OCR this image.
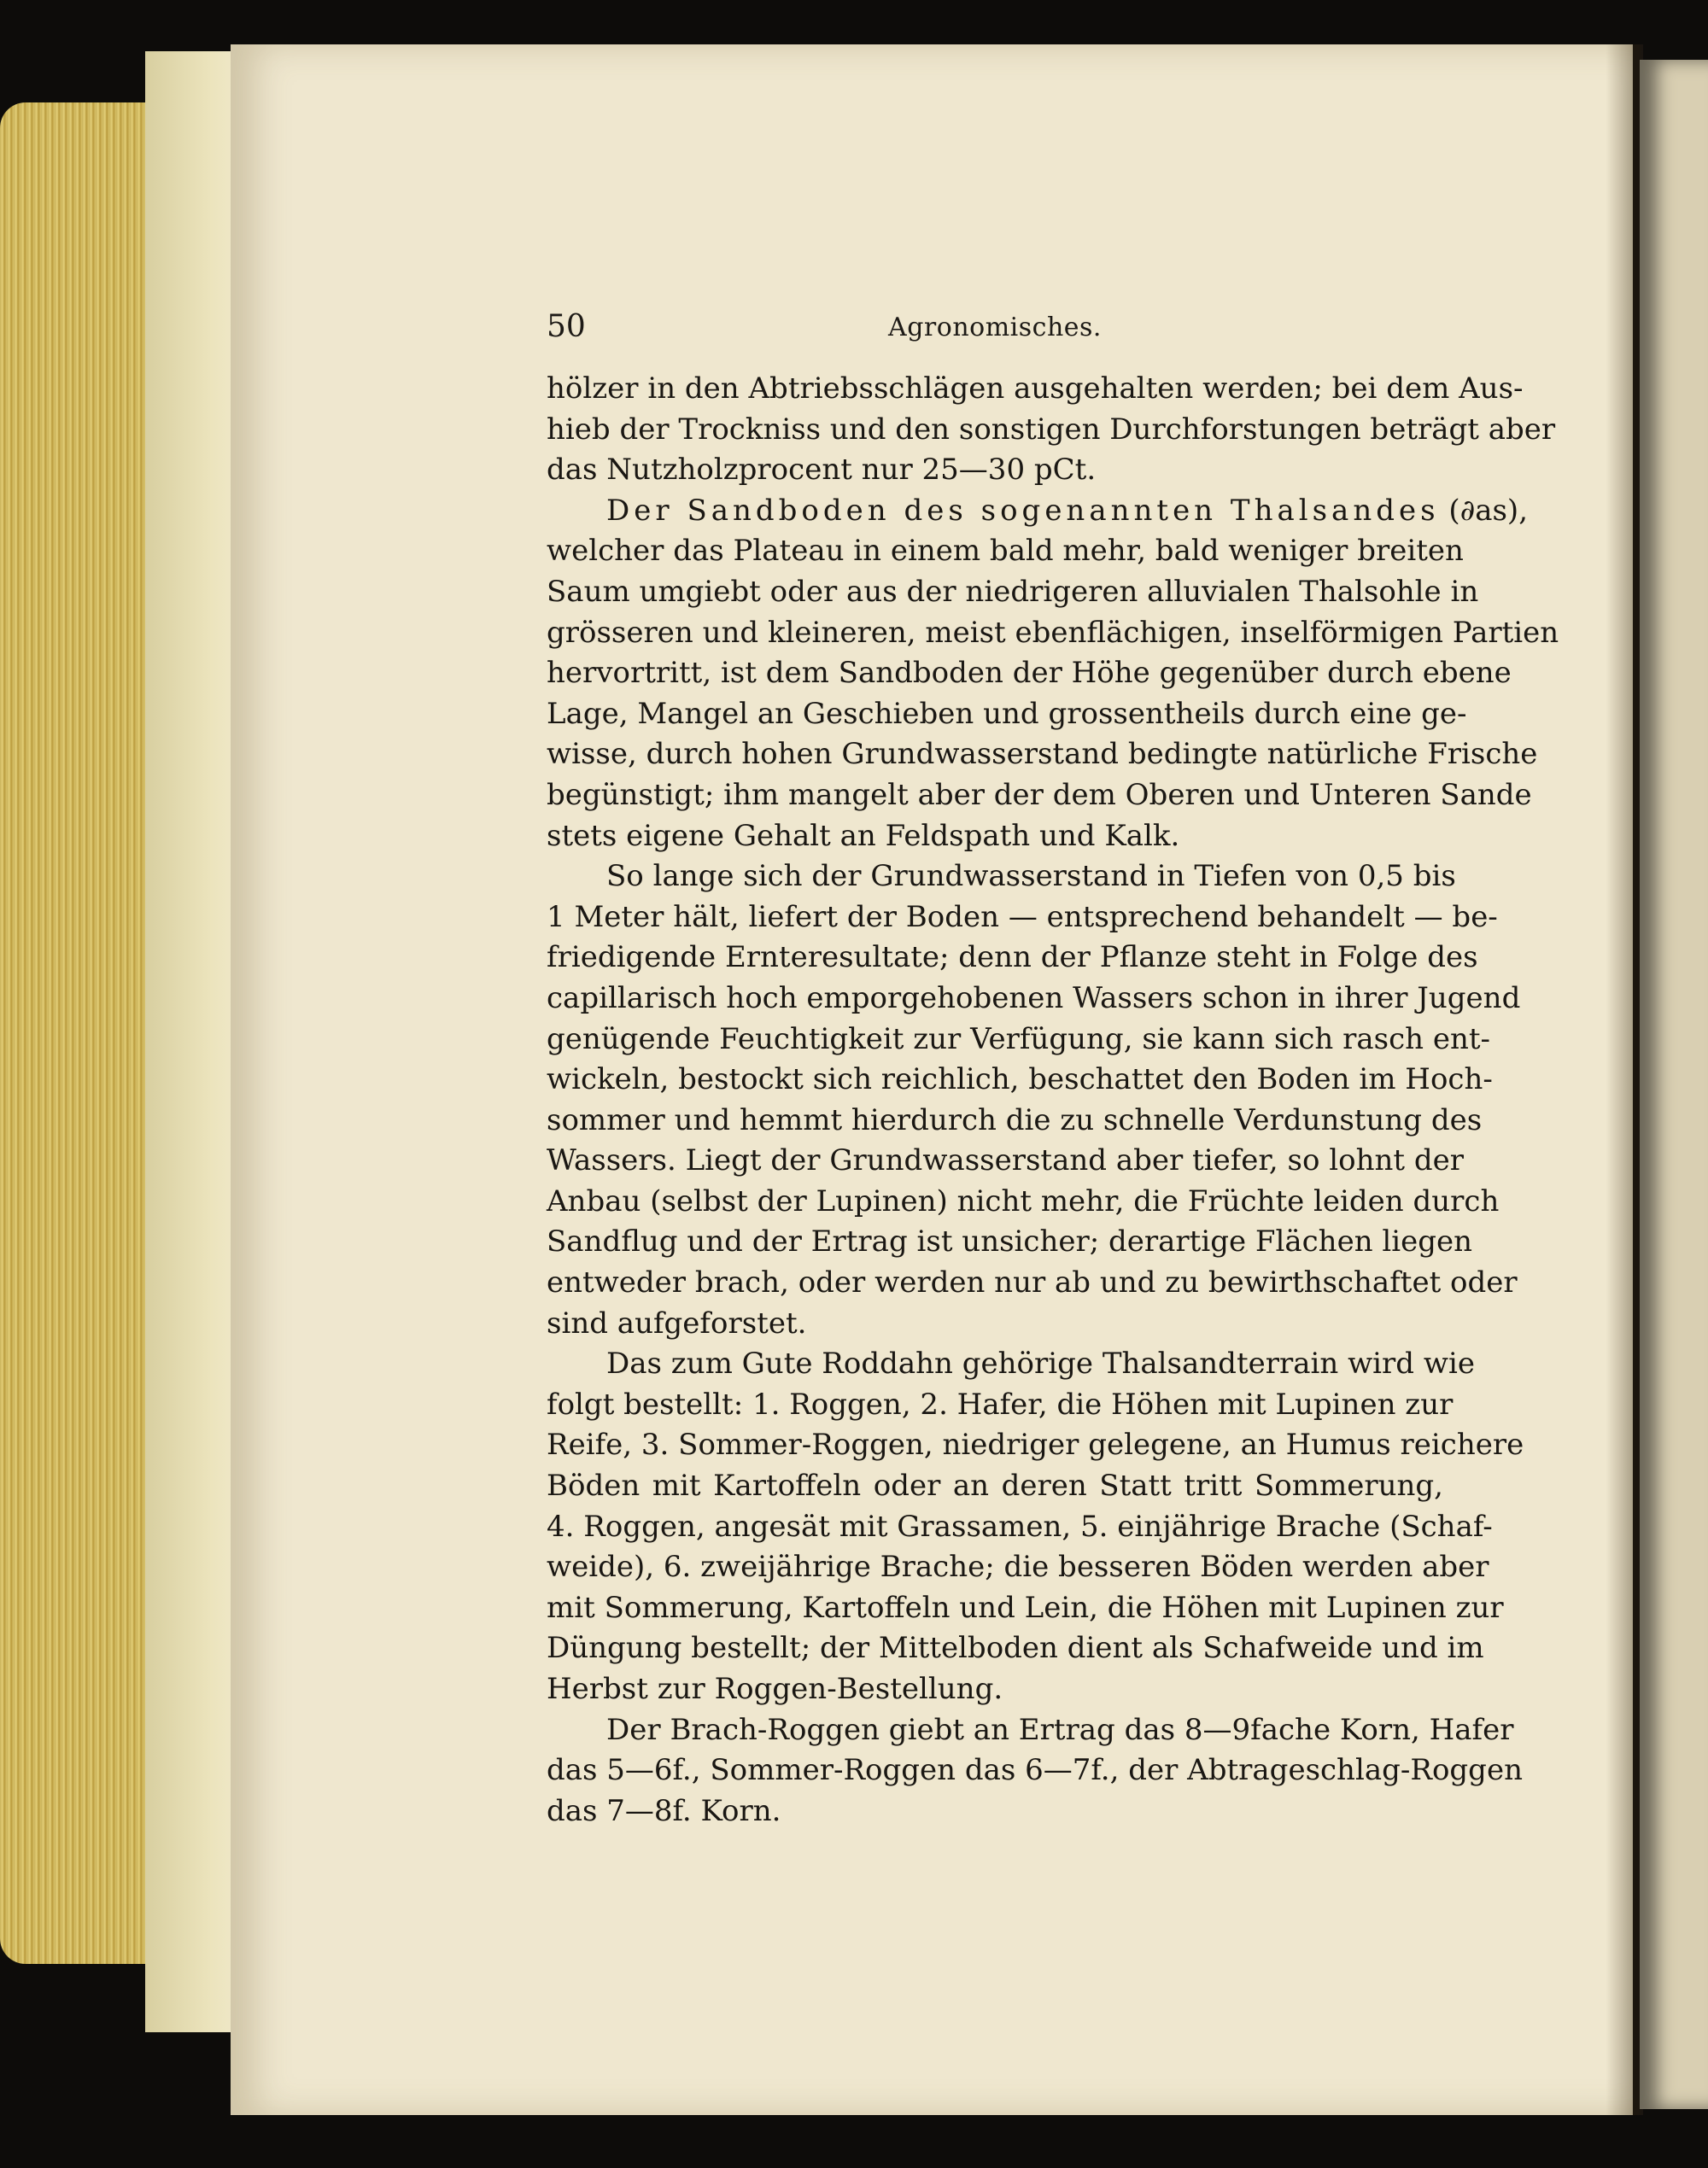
50	Agronomisches.
hölzer in den Abtriebsschlägen ausgehalten werden; bei dem Aus-
hieb der Trockniss und den sonstigen Durchforstungen beträgt aber
das Nutzholzprocent nur 25—30 pCt.
Der Sandboden des sogenannten Thalsandes (∂as),
welcher das Plateau in einem bald mehr, bald weniger breiten
Saum umgiebt oder aus der niedrigeren alluvialen Thalsohle in
grösseren und kleineren, meist ebenflächigen, inselförmigen Partien
hervortritt, ist dem Sandboden der Höhe gegenüber durch ebene
Lage, Mangel an Geschieben und grossentheils durch eine ge-
wisse, durch hohen Grundwasserstand bedingte natürliche Frische
begünstigt; ihm mangelt aber der dem Oberen und Unteren Sande
stets eigene Gehalt an Feldspath und Kalk.
So lange sich der Grundwasserstand in Tiefen von 0,5 bis
1 Meter hält, liefert der Boden — entsprechend behandelt — be-
friedigende Ernteresultate; denn der Pflanze steht in Folge des
capillarisch hoch emporgehobenen Wassers schon in ihrer Jugend
genügende Feuchtigkeit zur Verfügung, sie kann sich rasch ent-
wickeln, bestockt sich reichlich, beschattet den Boden im Hoch-
sommer und hemmt hierdurch die zu schnelle Verdunstung des
Wassers. Liegt der Grundwasserstand aber tiefer, so lohnt der
Anbau (selbst der Lupinen) nicht mehr, die Früchte leiden durch
Sandflug und der Ertrag ist unsicher; derartige Flächen liegen
entweder brach, oder werden nur ab und zu bewirthschaftet oder
sind aufgeforstet.
Das zum Gute Roddahn gehörige Thalsandterrain wird wie
folgt bestellt: 1. Roggen, 2. Hafer, die Höhen mit Lupinen zur
Reife, 3. Sommer-Roggen, niedriger gelegene, an Humus reichere
Böden mit Kartoffeln oder an deren Statt tritt Sommerung,
4. Roggen, angesät mit Grassamen, 5. einjährige Brache (Schaf-
weide), 6. zweijährige Brache; die besseren Böden werden aber
mit Sommerung, Kartoffeln und Lein, die Höhen mit Lupinen zur
Düngung bestellt; der Mittelboden dient als Schafweide und im
Herbst zur Roggen-Bestellung.
Der Brach-Roggen giebt an Ertrag das 8—9fache Korn, Hafer
das 5—6f., Sommer-Roggen das 6—7f., der Abtrageschlag-Roggen
das 7—8f. Korn.
